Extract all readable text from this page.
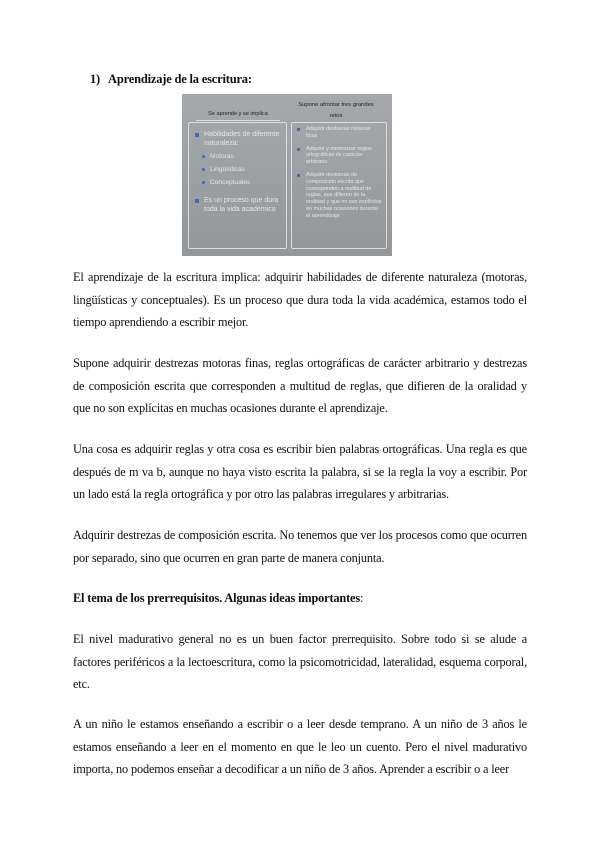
1) Aprendizaje de la escritura:
Se aprende y se implica
Supone afrontar tres grandes retos
Habilidades de diferente naturaleza:
Motoras
Lingüísticas
Conceptuales
Es un proceso que dura toda la vida académica
Adquirir destrezas motoras finas
Adquirir y memorizar reglas ortográficas de carácter arbitrario
Adquirir destrezas de composición escrita que corresponden a multitud de reglas, que difieren de la oralidad y que no son explícitas en muchas ocasiones durante el aprendizaje

El aprendizaje de la escritura implica: adquirir habilidades de diferente naturaleza (motoras, lingüísticas y conceptuales). Es un proceso que dura toda la vida académica, estamos todo el tiempo aprendiendo a escribir mejor.

Supone adquirir destrezas motoras finas, reglas ortográficas de carácter arbitrario y destrezas de composición escrita que corresponden a multitud de reglas, que difieren de la oralidad y que no son explícitas en muchas ocasiones durante el aprendizaje.

Una cosa es adquirir reglas y otra cosa es escribir bien palabras ortográficas. Una regla es que después de m va b, aunque no haya visto escrita la palabra, si se la regla la voy a escribir. Por un lado está la regla ortográfica y por otro las palabras irregulares y arbitrarias.

Adquirir destrezas de composición escrita. No tenemos que ver los procesos como que ocurren por separado, sino que ocurren en gran parte de manera conjunta.

El tema de los prerrequisitos. Algunas ideas importantes:

El nivel madurativo general no es un buen factor prerrequisito. Sobre todo si se alude a factores periféricos a la lectoescritura, como la psicomotricidad, lateralidad, esquema corporal, etc.

A un niño le estamos enseñando a escribir o a leer desde temprano. A un niño de 3 años le estamos enseñando a leer en el momento en que le leo un cuento. Pero el nivel madurativo importa, no podemos enseñar a decodificar a un niño de 3 años. Aprender a escribir o a leer
